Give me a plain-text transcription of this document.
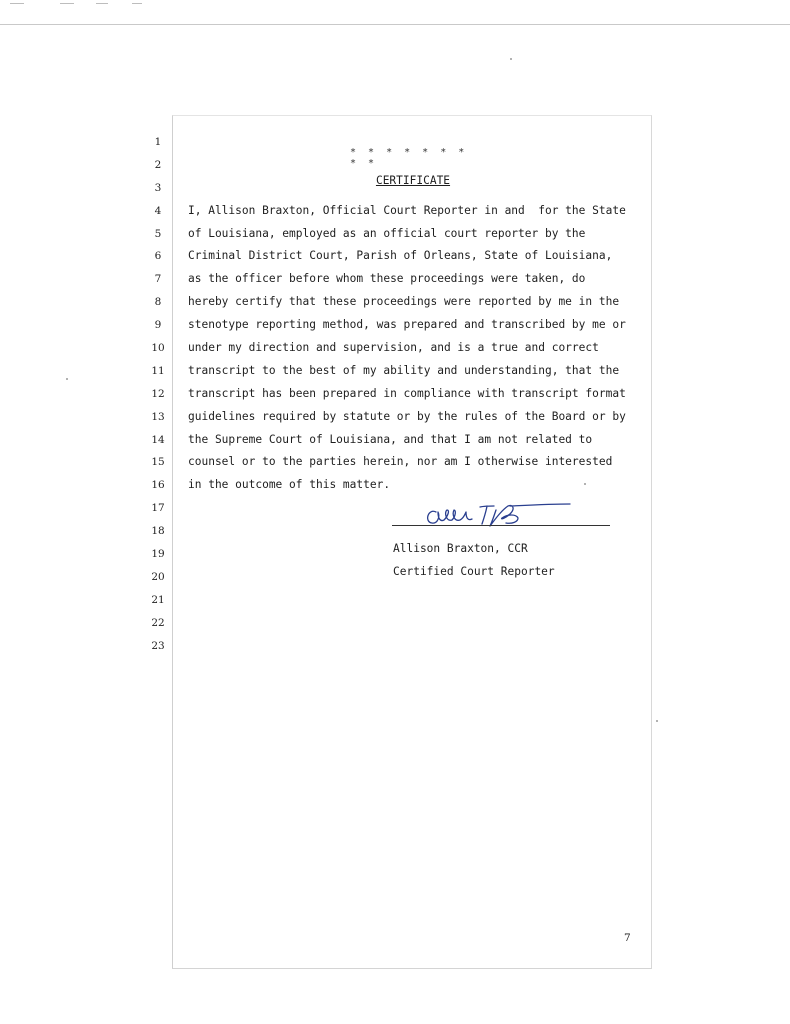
1
2
3
4
5
6
7
8
9
10
11
12
13
14
15
16
17
18
19
20
21
22
23
* * * * * * * * *
CERTIFICATE
I, Allison Braxton, Official Court Reporter in and  for the State
of Louisiana, employed as an official court reporter by the
Criminal District Court, Parish of Orleans, State of Louisiana,
as the officer before whom these proceedings were taken, do
hereby certify that these proceedings were reported by me in the
stenotype reporting method, was prepared and transcribed by me or
under my direction and supervision, and is a true and correct
transcript to the best of my ability and understanding, that the
transcript has been prepared in compliance with transcript format
guidelines required by statute or by the rules of the Board or by
the Supreme Court of Louisiana, and that I am not related to
counsel or to the parties herein, nor am I otherwise interested
in the outcome of this matter.
Allison Braxton, CCR
Certified Court Reporter
7
